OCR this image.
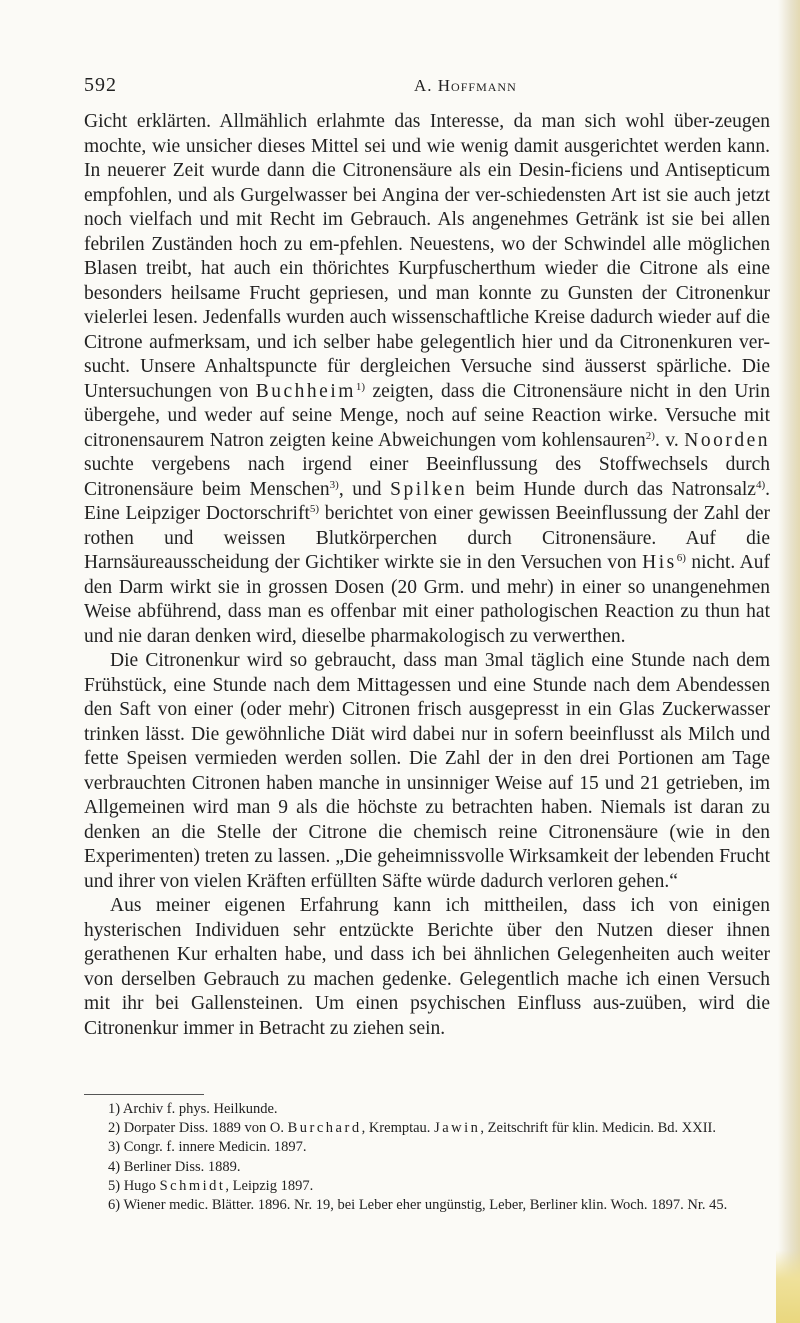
592	A. Hoffmann

Gicht erklärten. Allmählich erlahmte das Interesse, da man sich wohl über-zeugen mochte, wie unsicher dieses Mittel sei und wie wenig damit ausgerichtet werden kann. In neuerer Zeit wurde dann die Citronensäure als ein Desin-ficiens und Antisepticum empfohlen, und als Gurgelwasser bei Angina der ver-schiedensten Art ist sie auch jetzt noch vielfach und mit Recht im Gebrauch. Als angenehmes Getränk ist sie bei allen febrilen Zuständen hoch zu em-pfehlen. Neuestens, wo der Schwindel alle möglichen Blasen treibt, hat auch ein thörichtes Kurpfuscherthum wieder die Citrone als eine besonders heilsame Frucht gepriesen, und man konnte zu Gunsten der Citronenkur vielerlei lesen. Jedenfalls wurden auch wissenschaftliche Kreise dadurch wieder auf die Citrone aufmerksam, und ich selber habe gelegentlich hier und da Citronenkuren ver-sucht. Unsere Anhaltspuncte für dergleichen Versuche sind äusserst spärliche. Die Untersuchungen von Buchheim$^{1)}$ zeigten, dass die Citronensäure nicht in den Urin übergehe, und weder auf seine Menge, noch auf seine Reaction wirke. Versuche mit citronensaurem Natron zeigten keine Abweichungen vom kohlensauren$^{2)}$. v. Noorden suchte vergebens nach irgend einer Beeinflussung des Stoffwechsels durch Citronensäure beim Menschen$^{3)}$, und Spilken beim Hunde durch das Natronsalz$^{4)}$. Eine Leipziger Doctorschrift$^{5)}$ berichtet von einer gewissen Beeinflussung der Zahl der rothen und weissen Blutkörperchen durch Citronensäure. Auf die Harnsäureausscheidung der Gichtiker wirkte sie in den Versuchen von His$^{6)}$ nicht. Auf den Darm wirkt sie in grossen Dosen (20 Grm. und mehr) in einer so unangenehmen Weise abführend, dass man es offenbar mit einer pathologischen Reaction zu thun hat und nie daran denken wird, dieselbe pharmakologisch zu verwerthen.

Die Citronenkur wird so gebraucht, dass man 3mal täglich eine Stunde nach dem Frühstück, eine Stunde nach dem Mittagessen und eine Stunde nach dem Abendessen den Saft von einer (oder mehr) Citronen frisch ausgepresst in ein Glas Zuckerwasser trinken lässt. Die gewöhnliche Diät wird dabei nur in sofern beeinflusst als Milch und fette Speisen vermieden werden sollen. Die Zahl der in den drei Portionen am Tage verbrauchten Citronen haben manche in unsinniger Weise auf 15 und 21 getrieben, im Allgemeinen wird man 9 als die höchste zu betrachten haben. Niemals ist daran zu denken an die Stelle der Citrone die chemisch reine Citronensäure (wie in den Experimenten) treten zu lassen. „Die geheimnissvolle Wirksamkeit der lebenden Frucht und ihrer von vielen Kräften erfüllten Säfte würde dadurch verloren gehen.“

Aus meiner eigenen Erfahrung kann ich mittheilen, dass ich von einigen hysterischen Individuen sehr entzückte Berichte über den Nutzen dieser ihnen gerathenen Kur erhalten habe, und dass ich bei ähnlichen Gelegenheiten auch weiter von derselben Gebrauch zu machen gedenke. Gelegentlich mache ich einen Versuch mit ihr bei Gallensteinen. Um einen psychischen Einfluss aus-zuüben, wird die Citronenkur immer in Betracht zu ziehen sein.

1) Archiv f. phys. Heilkunde.
2) Dorpater Diss. 1889 von O. Burchard, Kremptau. Jawin, Zeitschrift für klin. Medicin. Bd. XXII.
3) Congr. f. innere Medicin. 1897.
4) Berliner Diss. 1889.
5) Hugo Schmidt, Leipzig 1897.
6) Wiener medic. Blätter. 1896. Nr. 19, bei Leber eher ungünstig, Leber, Berliner klin. Woch. 1897. Nr. 45.
